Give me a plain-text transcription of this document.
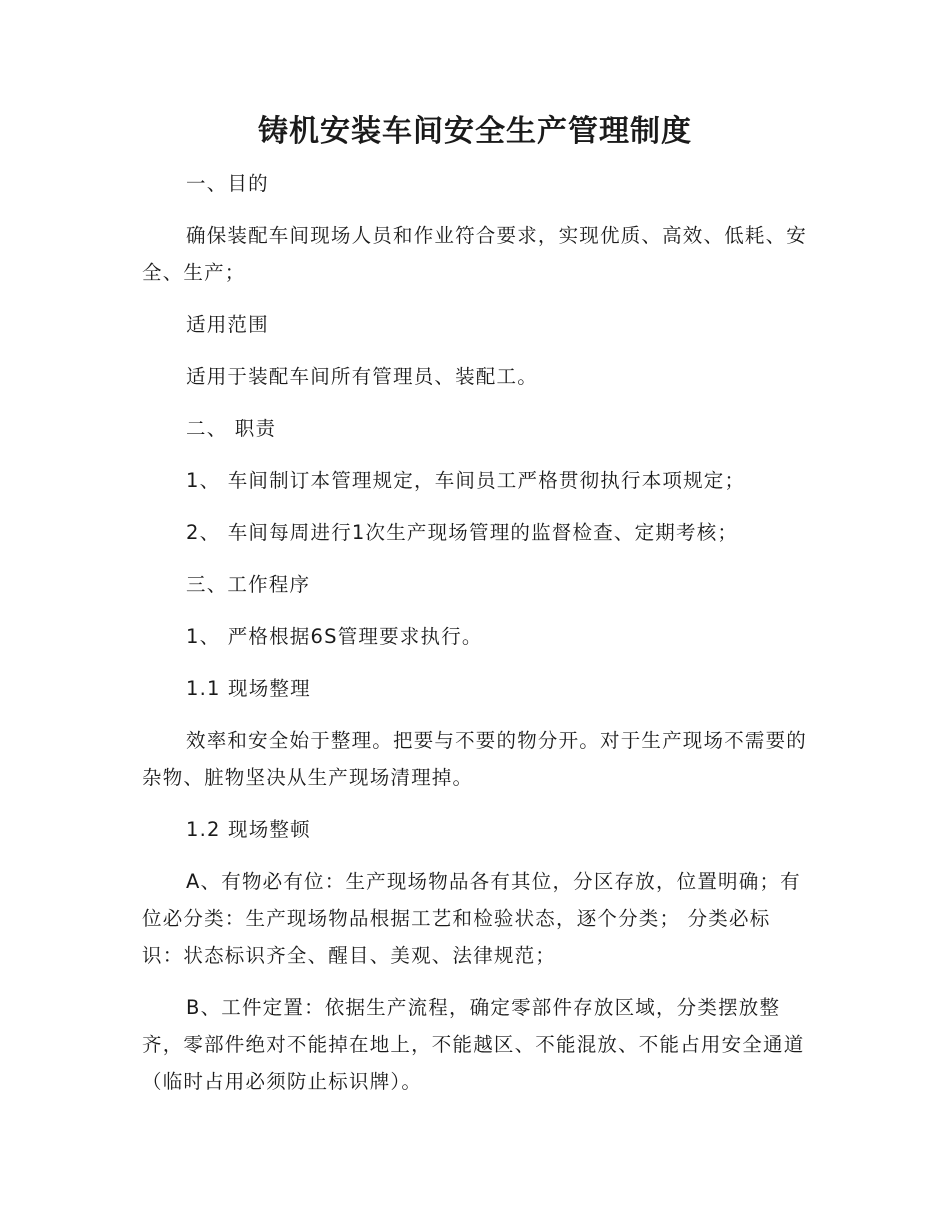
铸机安装车间安全生产管理制度

一、目的

确保装配车间现场人员和作业符合要求，实现优质、高效、低耗、安全、生产；

适用范围

适用于装配车间所有管理员、装配工。

二、 职责

1、 车间制订本管理规定，车间员工严格贯彻执行本项规定；

2、 车间每周进行1次生产现场管理的监督检查、定期考核；

三、工作程序

1、 严格根据6S管理要求执行。

1.1 现场整理

效率和安全始于整理。把要与不要的物分开。对于生产现场不需要的杂物、脏物坚决从生产现场清理掉。

1.2 现场整顿

A、有物必有位：生产现场物品各有其位，分区存放，位置明确；有位必分类：生产现场物品根据工艺和检验状态，逐个分类； 分类必标识：状态标识齐全、醒目、美观、法律规范；

B、工件定置：依据生产流程，确定零部件存放区域，分类摆放整齐，零部件绝对不能掉在地上，不能越区、不能混放、不能占用安全通道（临时占用必须防止标识牌）。
